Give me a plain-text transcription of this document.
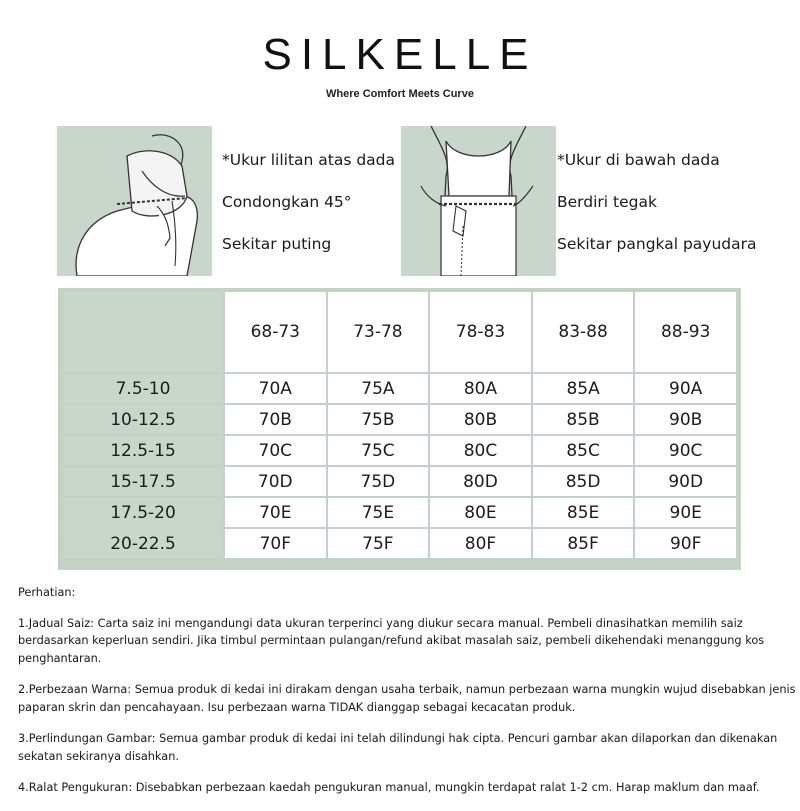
SILKELLE
Where Comfort Meets Curve
*Ukur lilitan atas dada
Condongkan 45°
Sekitar puting
*Ukur di bawah dada
Berdiri tegak
Sekitar pangkal payudara
	68-73	73-78	78-83	83-88	88-93
7.5-10	70A	75A	80A	85A	90A
10-12.5	70B	75B	80B	85B	90B
12.5-15	70C	75C	80C	85C	90C
15-17.5	70D	75D	80D	85D	90D
17.5-20	70E	75E	80E	85E	90E
20-22.5	70F	75F	80F	85F	90F

Perhatian:

1.Jadual Saiz: Carta saiz ini mengandungi data ukuran terperinci yang diukur secara manual. Pembeli dinasihatkan memilih saiz berdasarkan keperluan sendiri. Jika timbul permintaan pulangan/refund akibat masalah saiz, pembeli dikehendaki menanggung kos penghantaran.

2.Perbezaan Warna: Semua produk di kedai ini dirakam dengan usaha terbaik, namun perbezaan warna mungkin wujud disebabkan jenis paparan skrin dan pencahayaan. Isu perbezaan warna TIDAK dianggap sebagai kecacatan produk.

3.Perlindungan Gambar: Semua gambar produk di kedai ini telah dilindungi hak cipta. Pencuri gambar akan dilaporkan dan dikenakan sekatan sekiranya disahkan.

4.Ralat Pengukuran: Disebabkan perbezaan kaedah pengukuran manual, mungkin terdapat ralat 1-2 cm. Harap maklum dan maaf.
